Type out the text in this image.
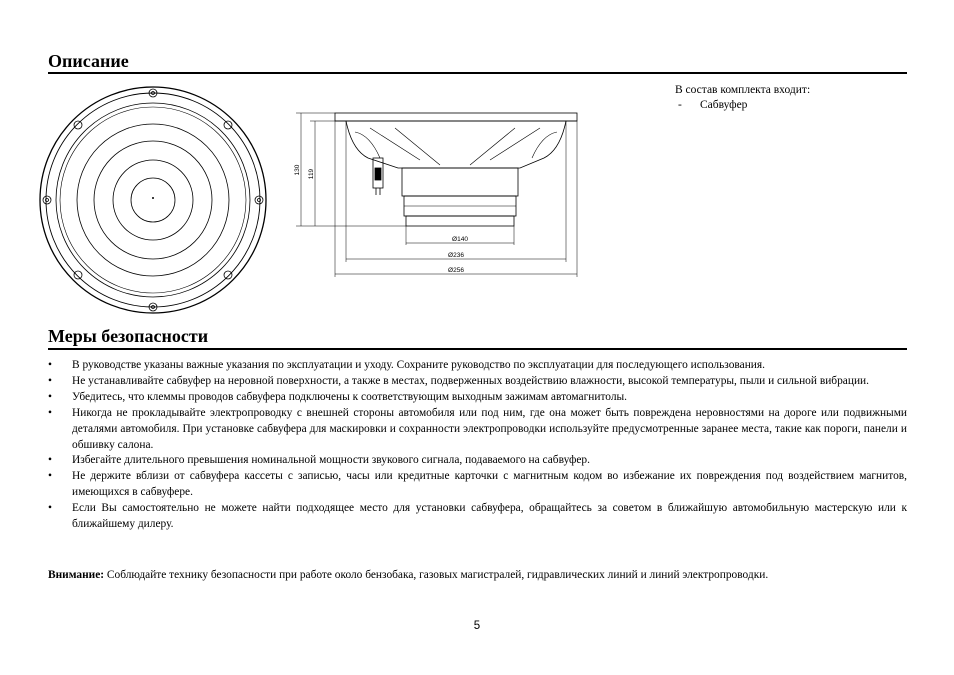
Описание
130 119
Ø140
Ø236
Ø256
В состав комплекта входит:
- Сабвуфер
Меры безопасности
• В руководстве указаны важные указания по эксплуатации и уходу. Сохраните руководство по эксплуатации для последующего использования.
• Не устанавливайте сабвуфер на неровной поверхности, а также в местах, подверженных воздействию влажности, высокой температуры, пыли и сильной вибрации.
• Убедитесь, что клеммы проводов сабвуфера подключены к соответствующим выходным зажимам автомагнитолы.
• Никогда не прокладывайте электропроводку с внешней стороны автомобиля или под ним, где она может быть повреждена неровностями на дороге или подвижными деталями автомобиля. При установке сабвуфера для маскировки и сохранности электропроводки используйте предусмотренные заранее места, такие как пороги, панели и обшивку салона.
• Избегайте длительного превышения номинальной мощности звукового сигнала, подаваемого на сабвуфер.
• Не держите вблизи от сабвуфера кассеты с записью, часы или кредитные карточки с магнитным кодом во избежание их повреждения под воздействием магнитов, имеющихся в сабвуфере.
• Если Вы самостоятельно не можете найти подходящее место для установки сабвуфера, обращайтесь за советом в ближайшую автомобильную мастерскую или к ближайшему дилеру.
Внимание: Соблюдайте технику безопасности при работе около бензобака, газовых магистралей, гидравлических линий и линий электропроводки.
5
